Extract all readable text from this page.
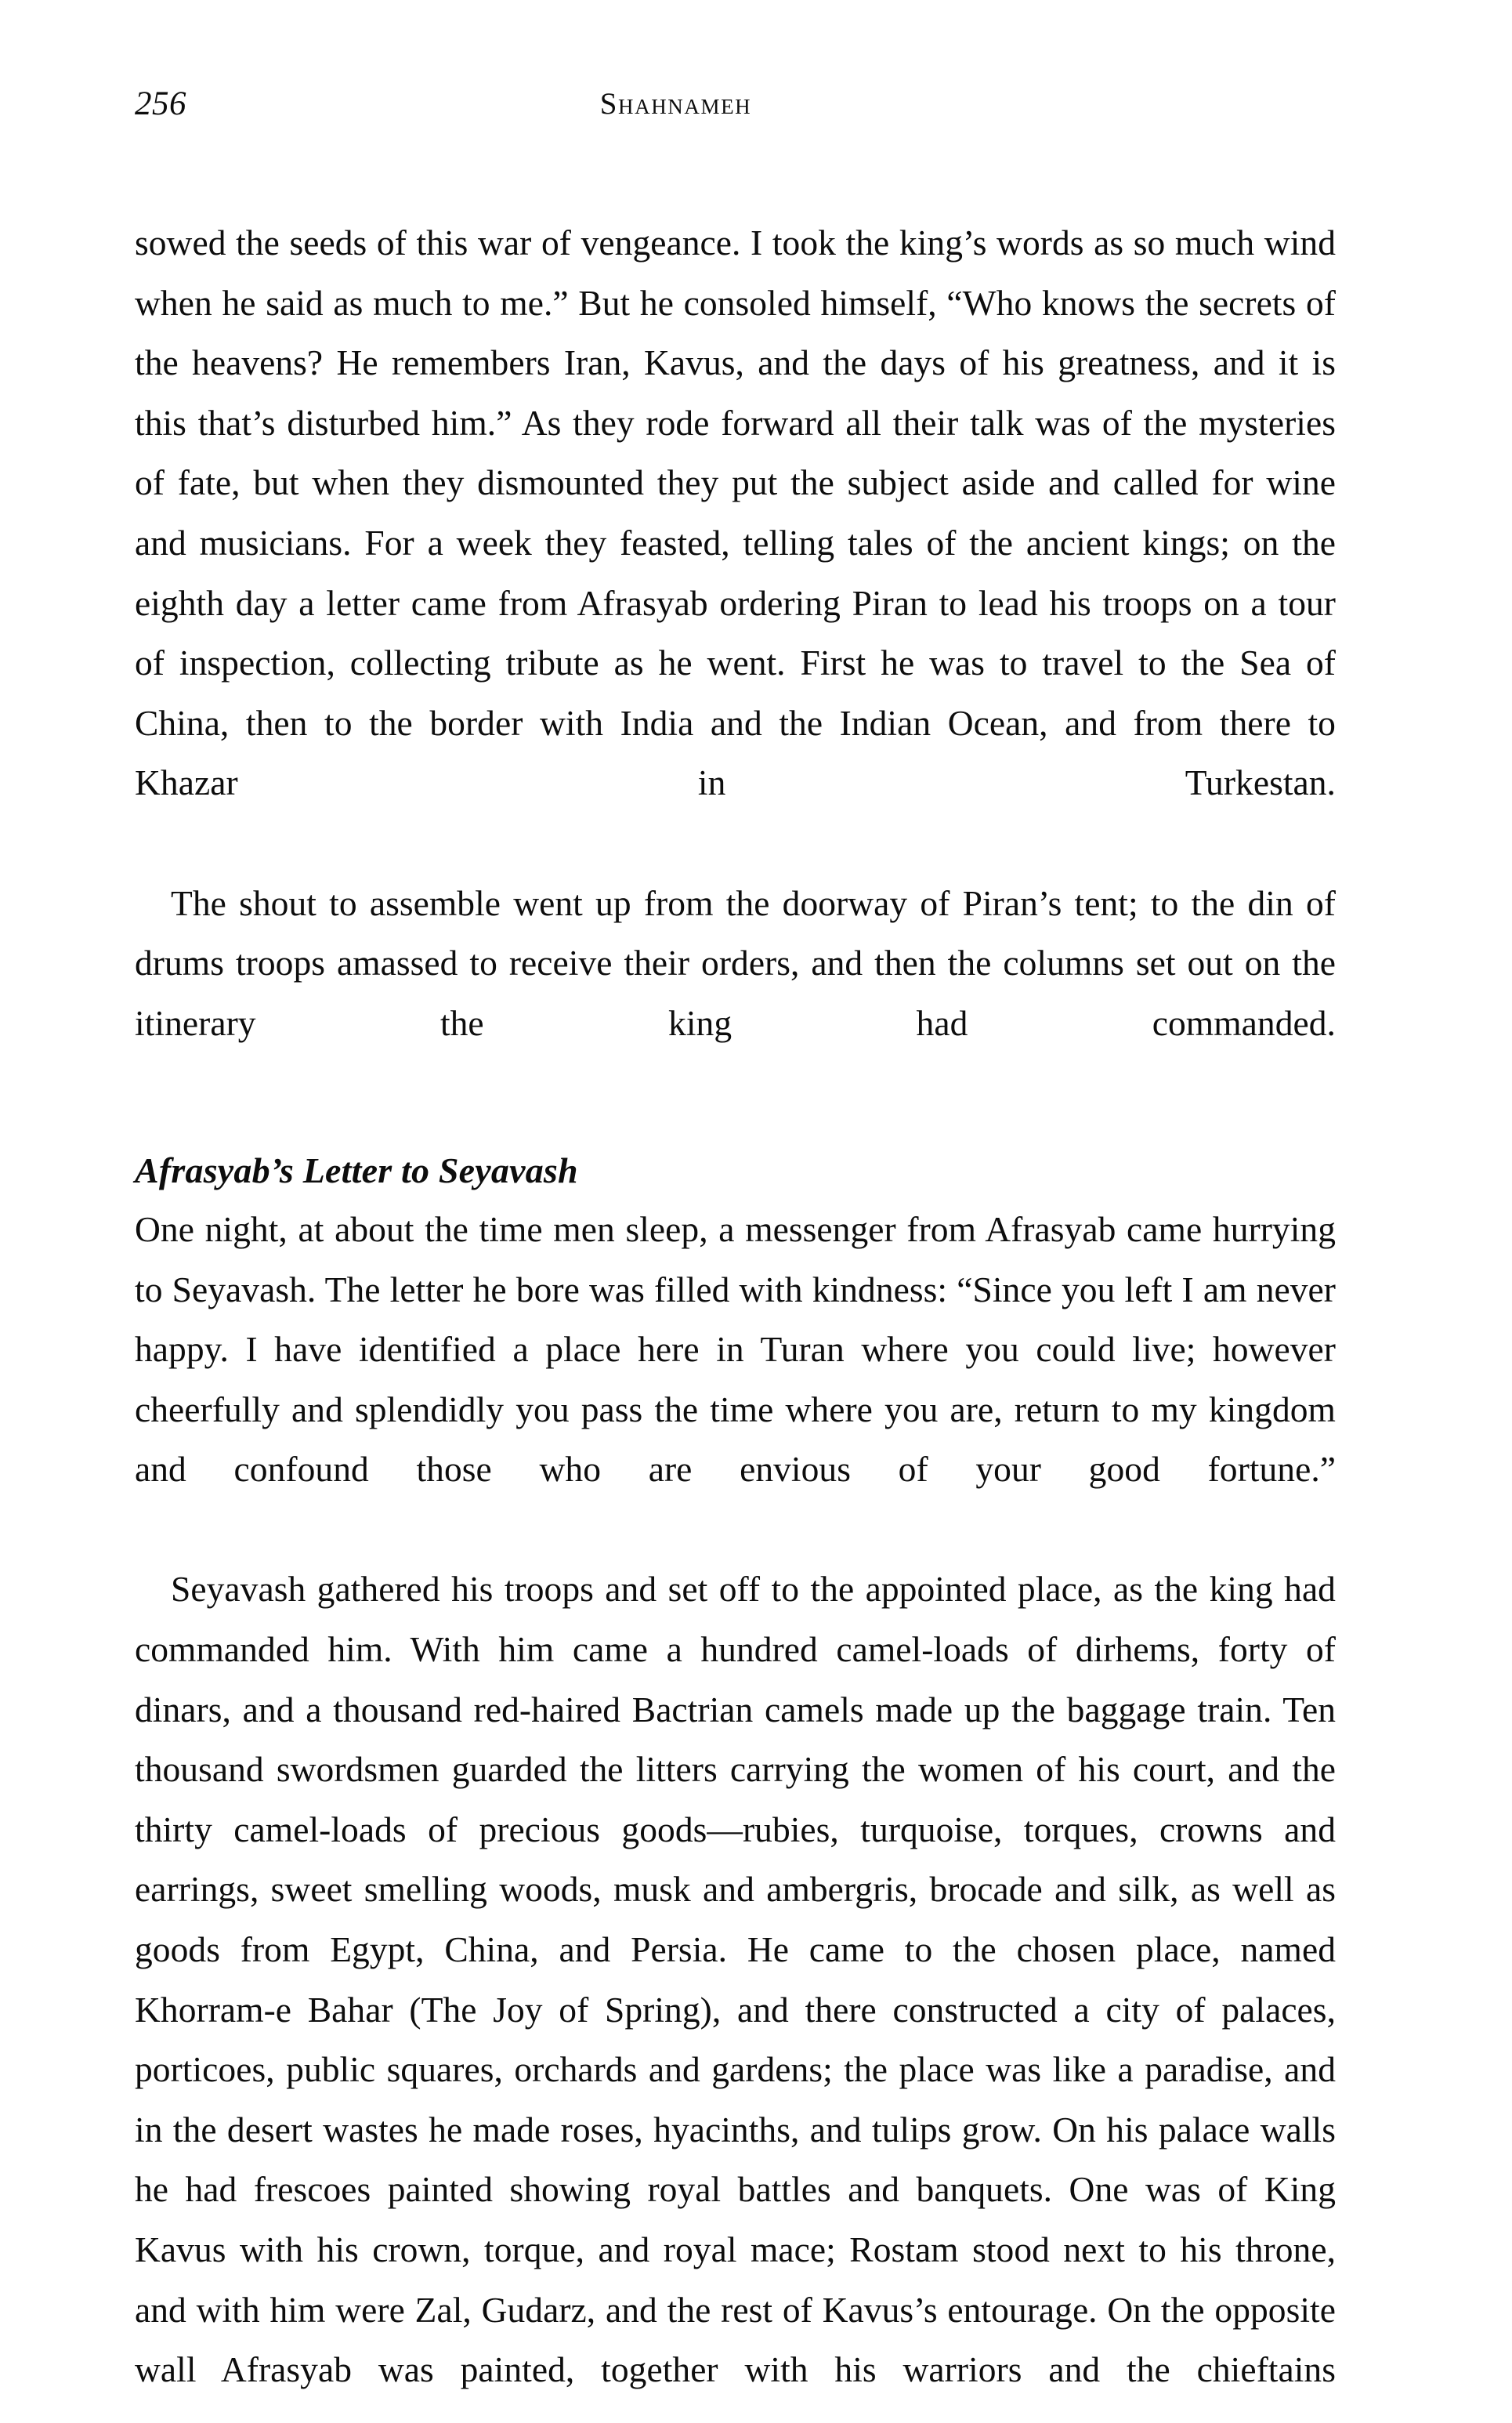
256	Shahnameh

sowed the seeds of this war of vengeance. I took the king’s words as so much wind when he said as much to me.” But he consoled himself, “Who knows the secrets of the heavens? He remembers Iran, Kavus, and the days of his greatness, and it is this that’s disturbed him.” As they rode forward all their talk was of the mysteries of fate, but when they dismounted they put the subject aside and called for wine and musicians. For a week they feasted, telling tales of the ancient kings; on the eighth day a letter came from Afrasyab ordering Piran to lead his troops on a tour of inspection, collecting tribute as he went. First he was to travel to the Sea of China, then to the border with India and the Indian Ocean, and from there to Khazar in Turkestan.

The shout to assemble went up from the doorway of Piran’s tent; to the din of drums troops amassed to receive their orders, and then the columns set out on the itinerary the king had commanded.

Afrasyab’s Letter to Seyavash

One night, at about the time men sleep, a messenger from Afrasyab came hurrying to Seyavash. The letter he bore was filled with kindness: “Since you left I am never happy. I have identified a place here in Turan where you could live; however cheerfully and splendidly you pass the time where you are, return to my kingdom and confound those who are envious of your good fortune.”

Seyavash gathered his troops and set off to the appointed place, as the king had commanded him. With him came a hundred camel-loads of dirhems, forty of dinars, and a thousand red-haired Bactrian camels made up the baggage train. Ten thousand swordsmen guarded the litters carrying the women of his court, and the thirty camel-loads of precious goods—rubies, turquoise, torques, crowns and earrings, sweet smelling woods, musk and ambergris, brocade and silk, as well as goods from Egypt, China, and Persia. He came to the chosen place, named Khorram-e Bahar (The Joy of Spring), and there constructed a city of palaces, porticoes, public squares, orchards and gardens; the place was like a paradise, and in the desert wastes he made roses, hyacinths, and tulips grow. On his palace walls he had frescoes painted showing royal battles and banquets. One was of King Kavus with his crown, torque, and royal mace; Rostam stood next to his throne, and with him were Zal, Gudarz, and the rest of Kavus’s entourage. On the opposite wall Afrasyab was painted, together with his warriors and the chieftains
